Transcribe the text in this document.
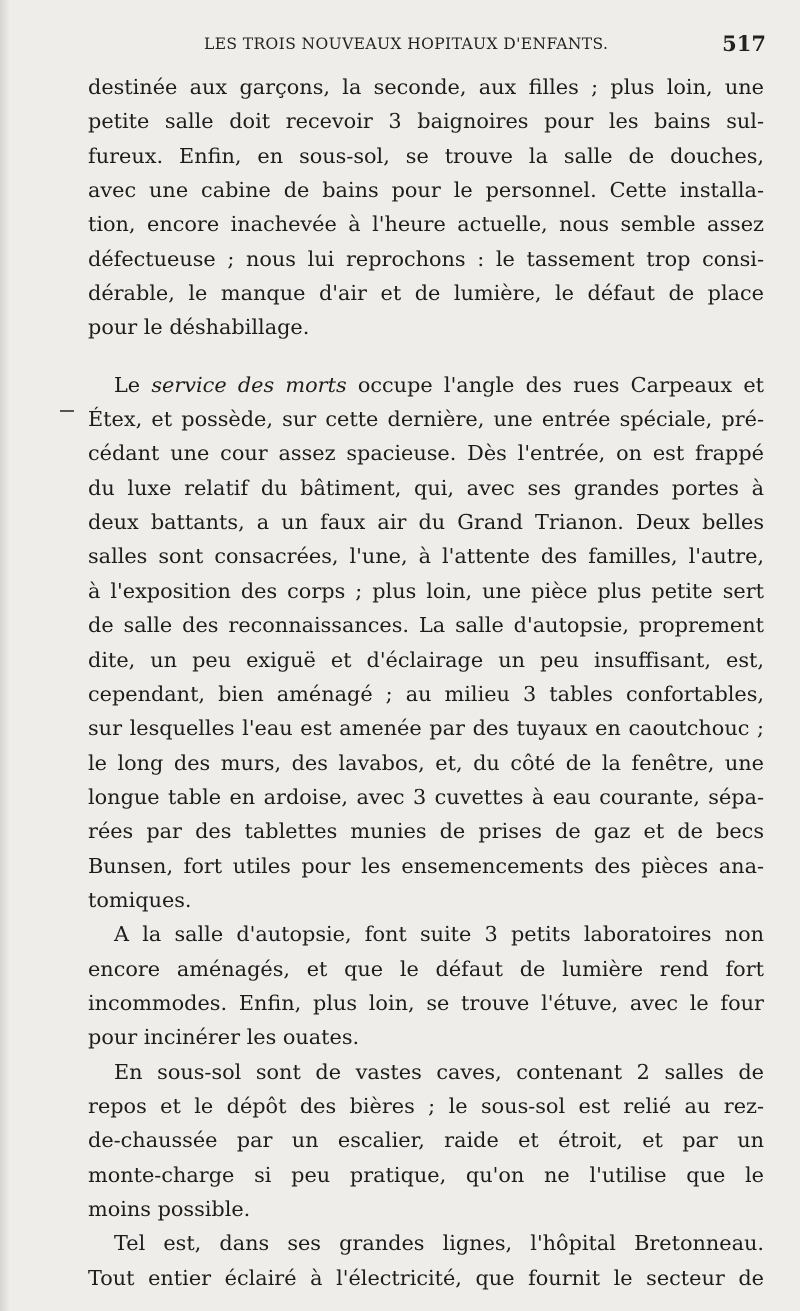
LES TROIS NOUVEAUX HOPITAUX D'ENFANTS.	517
destinée aux garçons, la seconde, aux filles ; plus loin, une
petite salle doit recevoir 3 baignoires pour les bains sul-
fureux. Enfin, en sous-sol, se trouve la salle de douches,
avec une cabine de bains pour le personnel. Cette installa-
tion, encore inachevée à l'heure actuelle, nous semble assez
défectueuse ; nous lui reprochons : le tassement trop consi-
dérable, le manque d'air et de lumière, le défaut de place
pour le déshabillage.
Le service des morts occupe l'angle des rues Carpeaux et
Étex, et possède, sur cette dernière, une entrée spéciale, pré-
cédant une cour assez spacieuse. Dès l'entrée, on est frappé
du luxe relatif du bâtiment, qui, avec ses grandes portes à
deux battants, a un faux air du Grand Trianon. Deux belles
salles sont consacrées, l'une, à l'attente des familles, l'autre,
à l'exposition des corps ; plus loin, une pièce plus petite sert
de salle des reconnaissances. La salle d'autopsie, proprement
dite, un peu exiguë et d'éclairage un peu insuffisant, est,
cependant, bien aménagé ; au milieu 3 tables confortables,
sur lesquelles l'eau est amenée par des tuyaux en caoutchouc ;
le long des murs, des lavabos, et, du côté de la fenêtre, une
longue table en ardoise, avec 3 cuvettes à eau courante, sépa-
rées par des tablettes munies de prises de gaz et de becs
Bunsen, fort utiles pour les ensemencements des pièces ana-
tomiques.
A la salle d'autopsie, font suite 3 petits laboratoires non
encore aménagés, et que le défaut de lumière rend fort
incommodes. Enfin, plus loin, se trouve l'étuve, avec le four
pour incinérer les ouates.
En sous-sol sont de vastes caves, contenant 2 salles de
repos et le dépôt des bières ; le sous-sol est relié au rez-
de-chaussée par un escalier, raide et étroit, et par un
monte-charge si peu pratique, qu'on ne l'utilise que le
moins possible.
Tel est, dans ses grandes lignes, l'hôpital Bretonneau.
Tout entier éclairé à l'électricité, que fournit le secteur de
